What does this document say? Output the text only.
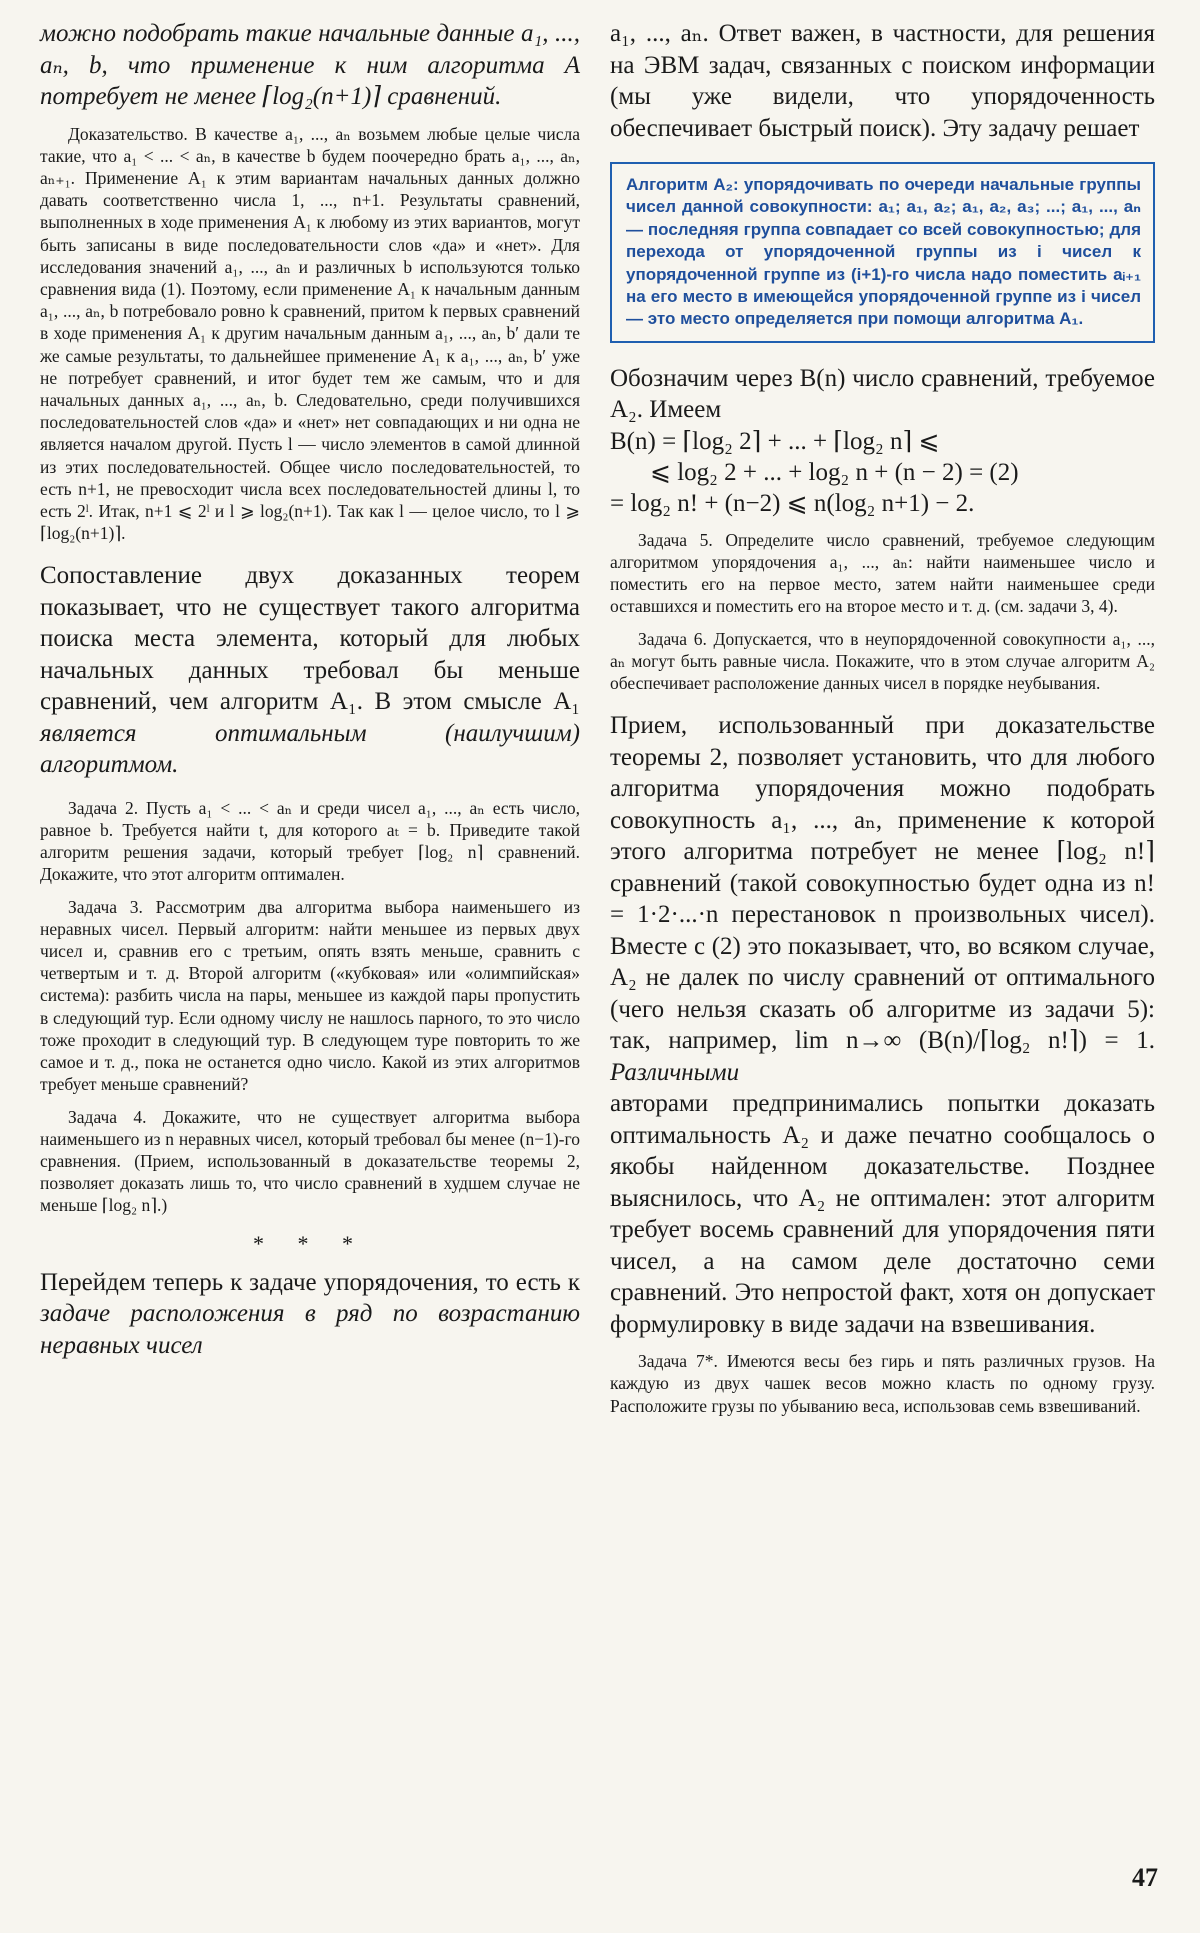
можно подобрать такие начальные данные a₁, ..., aₙ, b, что применение к ним алгоритма A потребует не менее ⌈log₂(n+1)⌉ сравнений.

Доказательство. В качестве a₁, ..., aₙ возьмем любые целые числа такие, что a₁ < ... < aₙ, в качестве b будем поочередно брать a₁, ..., aₙ, aₙ₊₁. Применение A₁ к этим вариантам начальных данных должно давать соответственно числа 1, ..., n+1. Результаты сравнений, выполненных в ходе применения A₁ к любому из этих вариантов, могут быть записаны в виде последовательности слов «да» и «нет». Для исследования значений a₁, ..., aₙ и различных b используются только сравнения вида (1). Поэтому, если применение A₁ к начальным данным a₁, ..., aₙ, b потребовало ровно k сравнений, притом k первых сравнений в ходе применения A₁ к другим начальным данным a₁, ..., aₙ, b′ дали те же самые результаты, то дальнейшее применение A₁ к a₁, ..., aₙ, b′ уже не потребует сравнений, и итог будет тем же самым, что и для начальных данных a₁, ..., aₙ, b. Следовательно, среди получившихся последовательностей слов «да» и «нет» нет совпадающих и ни одна не является началом другой. Пусть l — число элементов в самой длинной из этих последовательностей. Общее число последовательностей, то есть n+1, не превосходит числа всех последовательностей длины l, то есть 2ˡ. Итак, n+1 ⩽ 2ˡ и l ⩾ log₂(n+1). Так как l — целое число, то l ⩾ ⌈log₂(n+1)⌉.

Сопоставление двух доказанных теорем показывает, что не существует такого алгоритма поиска места элемента, который для любых начальных данных требовал бы меньше сравнений, чем алгоритм A₁. В этом смысле A₁ является оптимальным (наилучшим) алгоритмом.

Задача 2. Пусть a₁ < ... < aₙ и среди чисел a₁, ..., aₙ есть число, равное b. Требуется найти t, для которого aₜ = b. Приведите такой алгоритм решения задачи, который требует ⌈log₂ n⌉ сравнений. Докажите, что этот алгоритм оптимален.

Задача 3. Рассмотрим два алгоритма выбора наименьшего из неравных чисел. Первый алгоритм: найти меньшее из первых двух чисел и, сравнив его с третьим, опять взять меньше, сравнить с четвертым и т. д. Второй алгоритм («кубковая» или «олимпийская» система): разбить числа на пары, меньшее из каждой пары пропустить в следующий тур. Если одному числу не нашлось парного, то это число тоже проходит в следующий тур. В следующем туре повторить то же самое и т. д., пока не останется одно число. Какой из этих алгоритмов требует меньше сравнений?

Задача 4. Докажите, что не существует алгоритма выбора наименьшего из n неравных чисел, который требовал бы менее (n−1)-го сравнения. (Прием, использованный в доказательстве теоремы 2, позволяет доказать лишь то, что число сравнений в худшем случае не меньше ⌈log₂ n⌉.)

* * *

Перейдем теперь к задаче упорядочения, то есть к задаче расположения в ряд по возрастанию неравных чисел

a₁, ..., aₙ. Ответ важен, в частности, для решения на ЭВМ задач, связанных с поиском информации (мы уже видели, что упорядоченность обеспечивает быстрый поиск). Эту задачу решает

Алгоритм A₂: упорядочивать по очереди начальные группы чисел данной совокупности: a₁; a₁, a₂; a₁, a₂, a₃; ...; a₁, ..., aₙ — последняя группа совпадает со всей совокупностью; для перехода от упорядоченной группы из i чисел к упорядоченной группе из (i+1)-го числа надо поместить aᵢ₊₁ на его место в имеющейся упорядоченной группе из i чисел — это место определяется при помощи алгоритма A₁.

Обозначим через B(n) число сравнений, требуемое A₂. Имеем

B(n) = ⌈log₂ 2⌉ + ... + ⌈log₂ n⌉ ⩽
⩽ log₂ 2 + ... + log₂ n + (n − 2) = (2)
= log₂ n! + (n−2) ⩽ n(log₂ n+1) − 2.

Задача 5. Определите число сравнений, требуемое следующим алгоритмом упорядочения a₁, ..., aₙ: найти наименьшее число и поместить его на первое место, затем найти наименьшее среди оставшихся и поместить его на второе место и т. д. (см. задачи 3, 4).

Задача 6. Допускается, что в неупорядоченной совокупности a₁, ..., aₙ могут быть равные числа. Покажите, что в этом случае алгоритм A₂ обеспечивает расположение данных чисел в порядке неубывания.

Прием, использованный при доказательстве теоремы 2, позволяет установить, что для любого алгоритма упорядочения можно подобрать совокупность a₁, ..., aₙ, применение к которой этого алгоритма потребует не менее ⌈log₂ n!⌉ сравнений (такой совокупностью будет одна из n! = 1·2·...·n перестановок n произвольных чисел). Вместе с (2) это показывает, что, во всяком случае, A₂ не далек по числу сравнений от оптимального (чего нельзя сказать об алгоритме из задачи 5): так, например, lim n→∞ (B(n)/⌈log₂ n!⌉) = 1. Различными

авторами предпринимались попытки доказать оптимальность A₂ и даже печатно сообщалось о якобы найденном доказательстве. Позднее выяснилось, что A₂ не оптимален: этот алгоритм требует восемь сравнений для упорядочения пяти чисел, а на самом деле достаточно семи сравнений. Это непростой факт, хотя он допускает формулировку в виде задачи на взвешивания.

Задача 7*. Имеются весы без гирь и пять различных грузов. На каждую из двух чашек весов можно класть по одному грузу. Расположите грузы по убыванию веса, использовав семь взвешиваний.

47
